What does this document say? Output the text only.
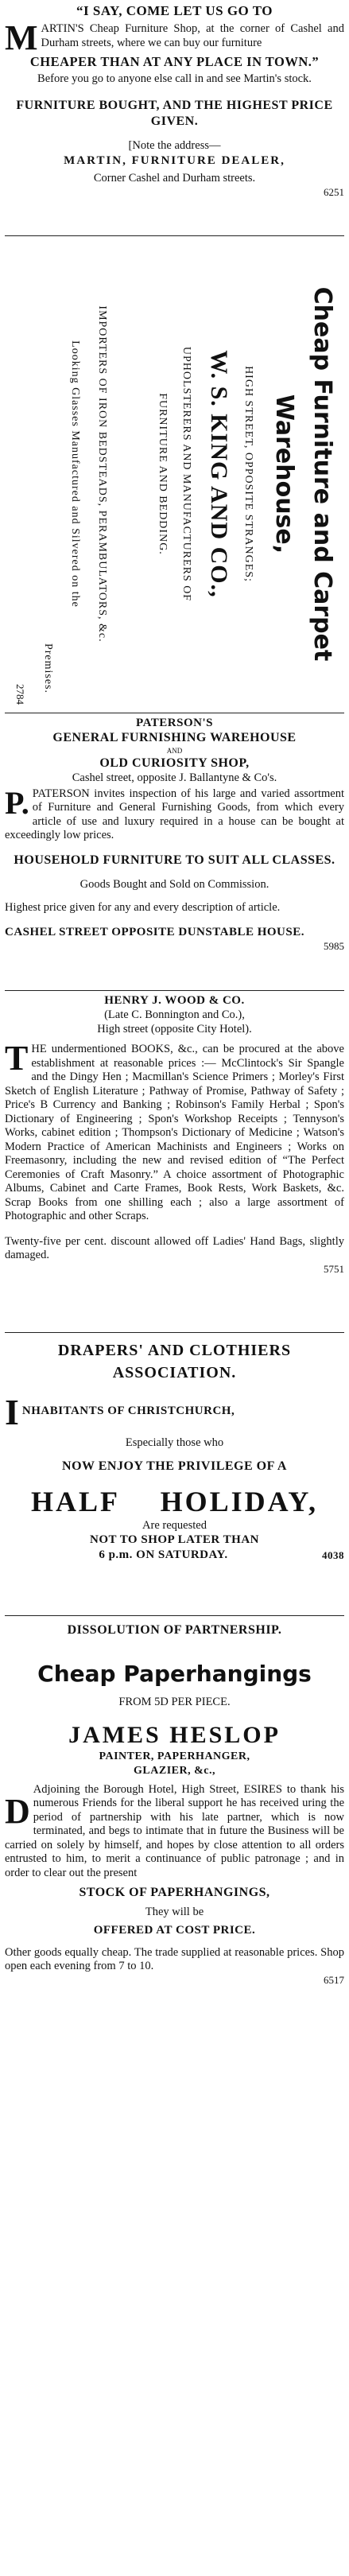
“I SAY, COME LET US GO TO
M ARTIN'S Cheap Furniture Shop, at the corner of Cashel and Durham streets, where we can buy our furniture
CHEAPER THAN AT ANY PLACE IN TOWN.”
Before you go to anyone else call in and see Martin's stock.
FURNITURE BOUGHT, AND THE HIGHEST PRICE GIVEN.
[Note the address—
MARTIN, FURNITURE DEALER,
Corner Cashel and Durham streets.
6251
Cheap Furniture and Carpet
Warehouse,
HIGH STREET, OPPOSITE STRANGES;
W. S. KING AND CO.,
UPHOLSTERERS AND MANUFACTURERS OF
FURNITURE AND BEDDING.
IMPORTERS OF IRON BEDSTEADS, PERAMBULATORS, &c.
Looking Glasses Manufactured and Silvered on the
Premises.
2784
PATERSON'S
GENERAL FURNISHING WAREHOUSE
AND
OLD CURIOSITY SHOP,
Cashel street, opposite J. Ballantyne & Co's.
P. PATERSON invites inspection of his large and varied assortment of Furniture and General Furnishing Goods, from which every article of use and luxury required in a house can be bought at exceedingly low prices.
HOUSEHOLD FURNITURE TO SUIT ALL CLASSES.
Goods Bought and Sold on Commission.
Highest price given for any and every description of article.
CASHEL STREET OPPOSITE DUNSTABLE HOUSE.
5985
HENRY J. WOOD & CO.
(Late C. Bonnington and Co.),
High street (opposite City Hotel).
T HE undermentioned BOOKS, &c., can be procured at the above establishment at reasonable prices :— McClintock's Sir Spangle and the Dingy Hen ; Macmillan's Science Primers ; Morley's First Sketch of English Literature ; Pathway of Promise, Pathway of Safety ; Price's B Currency and Banking ; Robinson's Family Herbal ; Spon's Dictionary of Engineering ; Spon's Workshop Receipts ; Tennyson's Works, cabinet edition ; Thompson's Dictionary of Medicine ; Watson's Modern Practice of American Machinists and Engineers ; Works on Freemasonry, including the new and revised edition of “The Perfect Ceremonies of Craft Masonry.” A choice assortment of Photographic Albums, Cabinet and Carte Frames, Book Rests, Work Baskets, &c. Scrap Books from one shilling each ; also a large assortment of Photographic and other Scraps.
Twenty-five per cent. discount allowed off Ladies' Hand Bags, slightly damaged.
5751
DRAPERS' AND CLOTHIERS ASSOCIATION.
I NHABITANTS OF CHRISTCHURCH,
Especially those who
NOW ENJOY THE PRIVILEGE OF A
HALF HOLIDAY,
Are requested
NOT TO SHOP LATER THAN
6 p.m. ON SATURDAY.	4038
DISSOLUTION OF PARTNERSHIP.
Cheap Paperhangings
FROM 5D PER PIECE.
JAMES HESLOP
PAINTER, PAPERHANGER,
GLAZIER, &c.,
D
Adjoining the Borough Hotel, High Street, ESIRES to thank his numerous Friends for the liberal support he has received uring the period of partnership with his late partner, which is now terminated, and begs to intimate that in future the Business will be carried on solely by himself, and hopes by close attention to all orders entrusted to him, to merit a continuance of public patronage ; and in order to clear out the present
STOCK OF PAPERHANGINGS,
They will be
OFFERED AT COST PRICE.
Other goods equally cheap. The trade supplied at reasonable prices. Shop open each evening from 7 to 10.
6517
